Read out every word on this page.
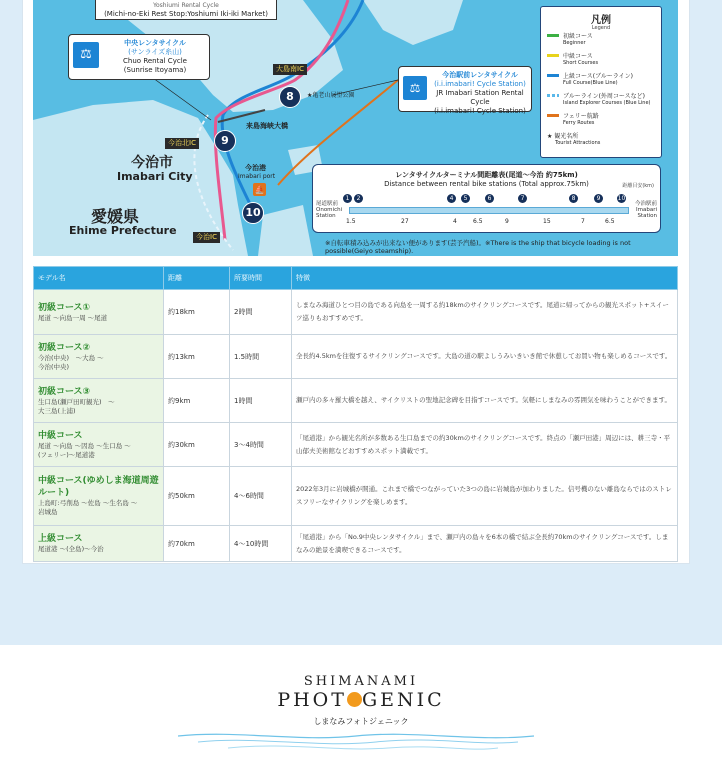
Yoshiumi Rental Cycle
(Michi-no-Eki Rest Stop:Yoshiumi Iki-iki Market)
⚖
中央レンタサイクル
(サンライズ糸山)
Chuo Rental Cycle
(Sunrise Itoyama)
⚖
今治駅前レンタサイクル
(i.i.imabari! Cycle Station)
JR Imabari Station Rental Cycle
(i.i.imabari! Cycle Station)
大島南IC
今治北IC
今治IC
★亀老山展望公園
来島海峡大橋
今治市
Imabari City
今治港
Imabari port
⛵
愛媛県
Ehime Prefecture
8
9
10
凡例
Legend
初級コース
Beginner
中級コース
Short Courses
上級コース(ブルーライン)
Full Course(Blue Line)
ブルーライン(外周コースなど)
Island Explorer Courses (Blue Line)
フェリー航路
Ferry Routes
★ 観光名所
Tourist Attractions
レンタサイクルターミナル間距離表(尾道〜今治 約75km)
Distance between rental bike stations (Total approx.75km)	距離目安(km)
尾道駅前
Onomichi Station
今治駅前
Imabari Station
1	2	4	5	6	7	8	9	10
1.5	27	4	6.5	9	15	7	6.5
※自転車積み込みが出来ない便があります(芸予汽船)。※There is the ship that bicycle loading is not possible(Geiyo steamship).
モデル名	距離	所要時間	特徴

初級コース①
尾道 〜向島一周 〜尾道	約18km	2時間	しまなみ海道ひとつ目の島である向島を一周する約18kmのサイクリングコースです。尾道に帰ってからの観光スポット+スイーツ巡りもおすすめです。

初級コース②
今治(中央)　〜大島 〜
今治(中央)	約13km	1.5時間	全長約4.5kmを往復するサイクリングコースです。大島の道の駅よしうみいきいき館で休憩してお買い物も楽しめるコースです。

初級コース③
生口島(瀬戸田町観光)　〜
大三島(上浦)	約9km	1時間	瀬戸内の多々羅大橋を越え、サイクリストの聖地記念碑を目指すコースです。気軽にしまなみの雰囲気を味わうことができます。

中級コース
尾道 〜向島 〜因島 〜生口島 〜
(フェリー)〜尾道港	約30km	3〜4時間	「尾道港」から観光名所が多数ある生口島までの約30kmのサイクリングコースです。終点の「瀬戸田港」周辺には、耕三寺・平山郁夫美術館などおすすめスポット満載です。

中級コース(ゆめしま海道周遊ルート)
上島町:弓削島 〜佐島 〜生名島 〜
岩城島	約50km	4〜6時間	2022年3月に岩城橋が開通。これまで橋でつながっていた3つの島に岩城島が加わりました。信号機のない離島ならではのストレスフリーなサイクリングを楽しめます。

上級コース
尾道港 〜(全島)〜今治	約70km	4〜10時間	「尾道港」から「No.9中央レンタサイクル」まで、瀬戸内の島々を6本の橋で結ぶ全長約70kmのサイクリングコースです。しまなみの絶景を満喫できるコースです。
SHIMANAMI
PHOT GENIC
しまなみフォトジェニック
